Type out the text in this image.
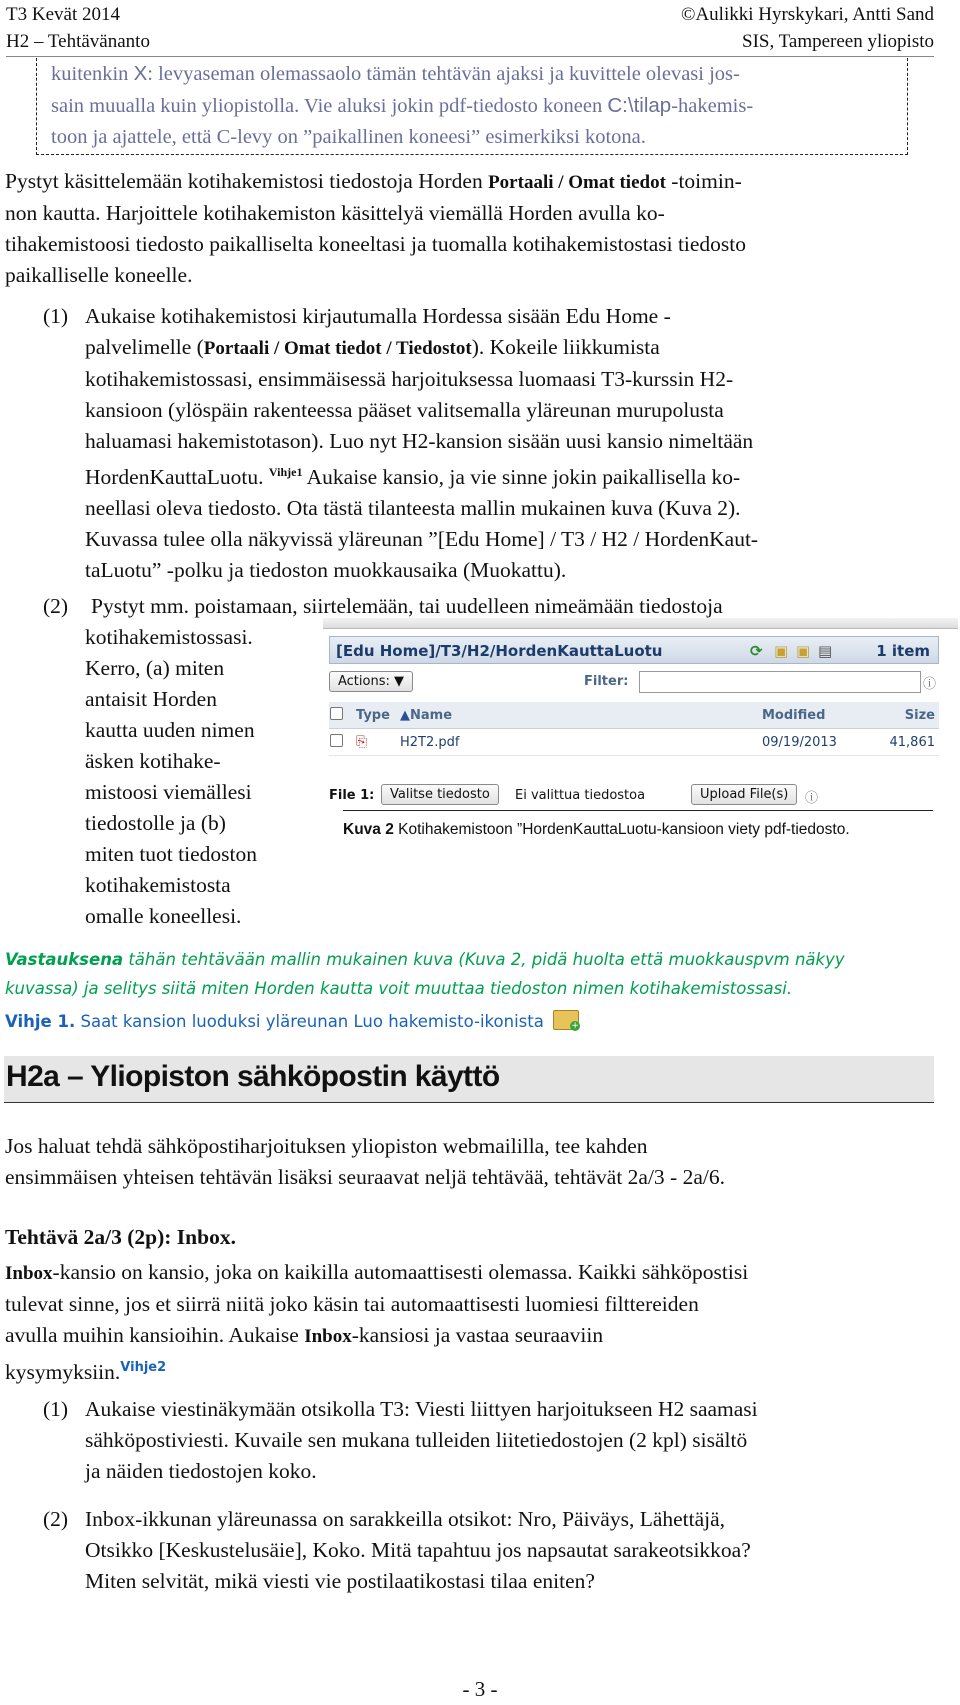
T3 Kevät 2014
H2 – Tehtävänanto
©Aulikki Hyrskykari, Antti Sand
SIS, Tampereen yliopisto

kuitenkin X: levyaseman olemassaolo tämän tehtävän ajaksi ja kuvittele olevasi jos-

sain muualla kuin yliopistolla. Vie aluksi jokin pdf-tiedosto koneen C:\tilap-hakemis-

toon ja ajattele, että C-levy on ”paikallinen koneesi” esimerkiksi kotona.

Pystyt käsittelemään kotihakemistosi tiedostoja Horden Portaali / Omat tiedot -toimin-

non kautta. Harjoittele kotihakemiston käsittelyä viemällä Horden avulla ko-

tihakemistoosi tiedosto paikalliselta koneeltasi ja tuomalla kotihakemistostasi tiedosto

paikalliselle koneelle.

(1) Aukaise kotihakemistosi kirjautumalla Hordessa sisään Edu Home -

palvelimelle (Portaali / Omat tiedot / Tiedostot). Kokeile liikkumista

kotihakemistossasi, ensimmäisessä harjoituksessa luomaasi T3-kurssin H2-

kansioon (ylöspäin rakenteessa pääset valitsemalla yläreunan murupolusta

haluamasi hakemistotason). Luo nyt H2-kansion sisään uusi kansio nimeltään

HordenKauttaLuotu. $^{Vihje1}$ Aukaise kansio, ja vie sinne jokin paikallisella ko-

neellasi oleva tiedosto. Ota tästä tilanteesta mallin mukainen kuva (Kuva 2).

Kuvassa tulee olla näkyvissä yläreunan ”[Edu Home] / T3 / H2 / HordenKaut-

taLuotu” -polku ja tiedoston muokkausaika (Muokattu).

(2) Pystyt mm. poistamaan, siirtelemään, tai uudelleen nimeämään tiedostoja

kotihakemistossasi.

Kerro, (a) miten

antaisit Horden

kautta uuden nimen

äsken kotihake-

mistoosi viemällesi

tiedostolle ja (b)

miten tuot tiedoston

kotihakemistosta

omalle koneellesi.

[Edu Home]/T3/H2/HordenKauttaLuotu	⟳ ▣ ▣ ▤	1 item
Actions: ▼	Filter:	ⓘ
	Type	▲Name	Modified	Size
	⎘	H2T2.pdf	09/19/2013	41,861
File 1:	Valitse tiedosto	Ei valittua tiedostoa	Upload File(s)	ⓘ
Kuva 2 Kotihakemistoon ”HordenKauttaLuotu-kansioon viety pdf-tiedosto.
Vastauksena tähän tehtävään mallin mukainen kuva (Kuva 2, pidä huolta että muokkauspvm näkyy
kuvassa) ja selitys siitä miten Horden kautta voit muuttaa tiedoston nimen kotihakemistossasi.
Vihje 1. Saat kansion luoduksi yläreunan Luo hakemisto-ikonista	+
H2a – Yliopiston sähköpostin käyttö

Jos haluat tehdä sähköpostiharjoituksen yliopiston webmaililla, tee kahden

ensimmäisen yhteisen tehtävän lisäksi seuraavat neljä tehtävää, tehtävät 2a/3 - 2a/6.

Tehtävä 2a/3 (2p): Inbox.

Inbox-kansio on kansio, joka on kaikilla automaattisesti olemassa. Kaikki sähköpostisi

tulevat sinne, jos et siirrä niitä joko käsin tai automaattisesti luomiesi filttereiden

avulla muihin kansioihin. Aukaise Inbox-kansiosi ja vastaa seuraaviin

kysymyksiin.$^{Vihje2}$

(1) Aukaise viestinäkymään otsikolla T3: Viesti liittyen harjoitukseen H2 saamasi

sähköpostiviesti. Kuvaile sen mukana tulleiden liitetiedostojen (2 kpl) sisältö

ja näiden tiedostojen koko.

(2) Inbox-ikkunan yläreunassa on sarakkeilla otsikot: Nro, Päiväys, Lähettäjä,

Otsikko [Keskustelusäie], Koko. Mitä tapahtuu jos napsautat sarakeotsikkoa?

Miten selvität, mikä viesti vie postilaatikostasi tilaa eniten?

- 3 -
